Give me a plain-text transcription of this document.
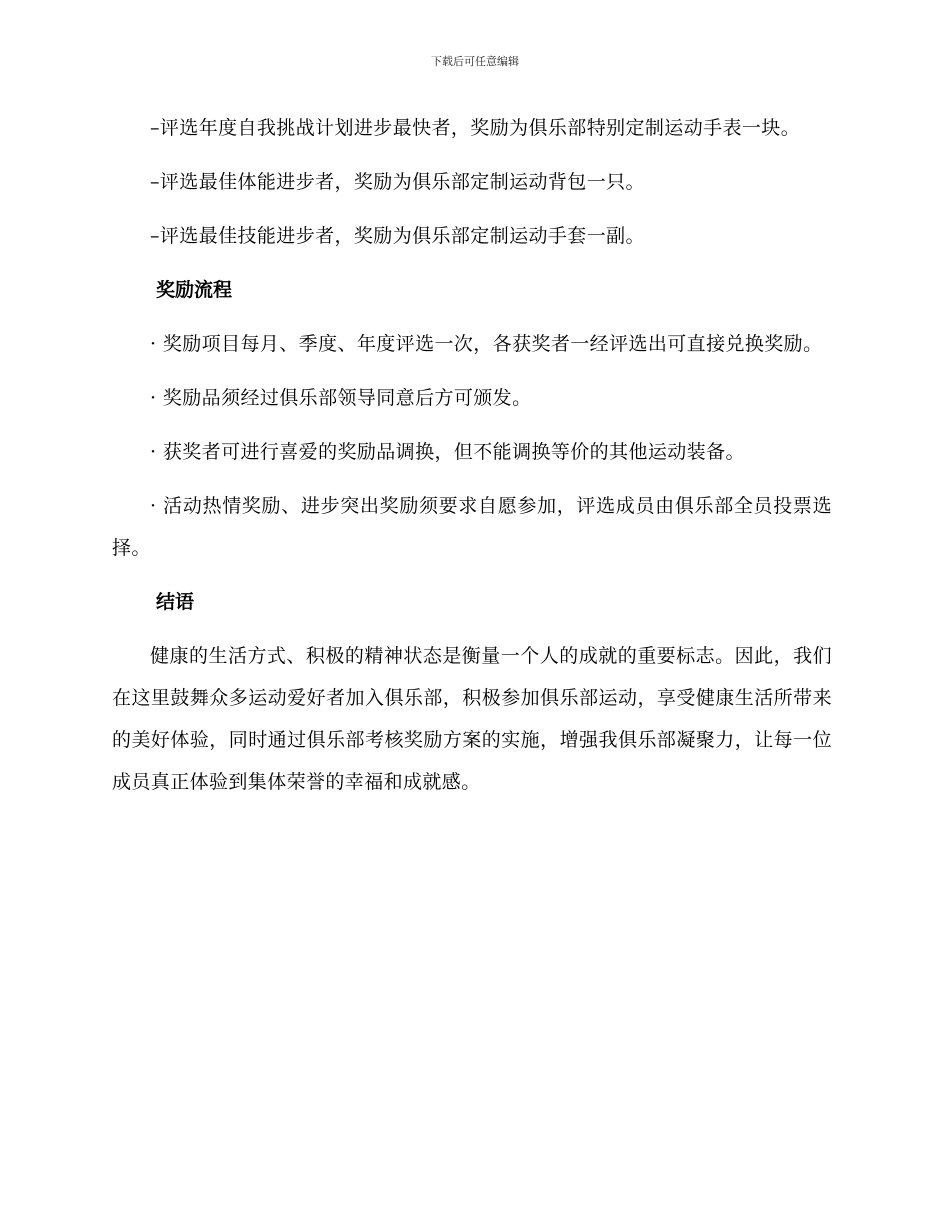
下载后可任意编辑

–评选年度自我挑战计划进步最快者，奖励为俱乐部特别定制运动手表一块。

–评选最佳体能进步者，奖励为俱乐部定制运动背包一只。

–评选最佳技能进步者，奖励为俱乐部定制运动手套一副。

奖励流程

· 奖励项目每月、季度、年度评选一次，各获奖者一经评选出可直接兑换奖励。

· 奖励品须经过俱乐部领导同意后方可颁发。

· 获奖者可进行喜爱的奖励品调换，但不能调换等价的其他运动装备。

· 活动热情奖励、进步突出奖励须要求自愿参加，评选成员由俱乐部全员投票选择。

结语

健康的生活方式、积极的精神状态是衡量一个人的成就的重要标志。因此，我们在这里鼓舞众多运动爱好者加入俱乐部，积极参加俱乐部运动，享受健康生活所带来的美好体验，同时通过俱乐部考核奖励方案的实施，增强我俱乐部凝聚力，让每一位成员真正体验到集体荣誉的幸福和成就感。
